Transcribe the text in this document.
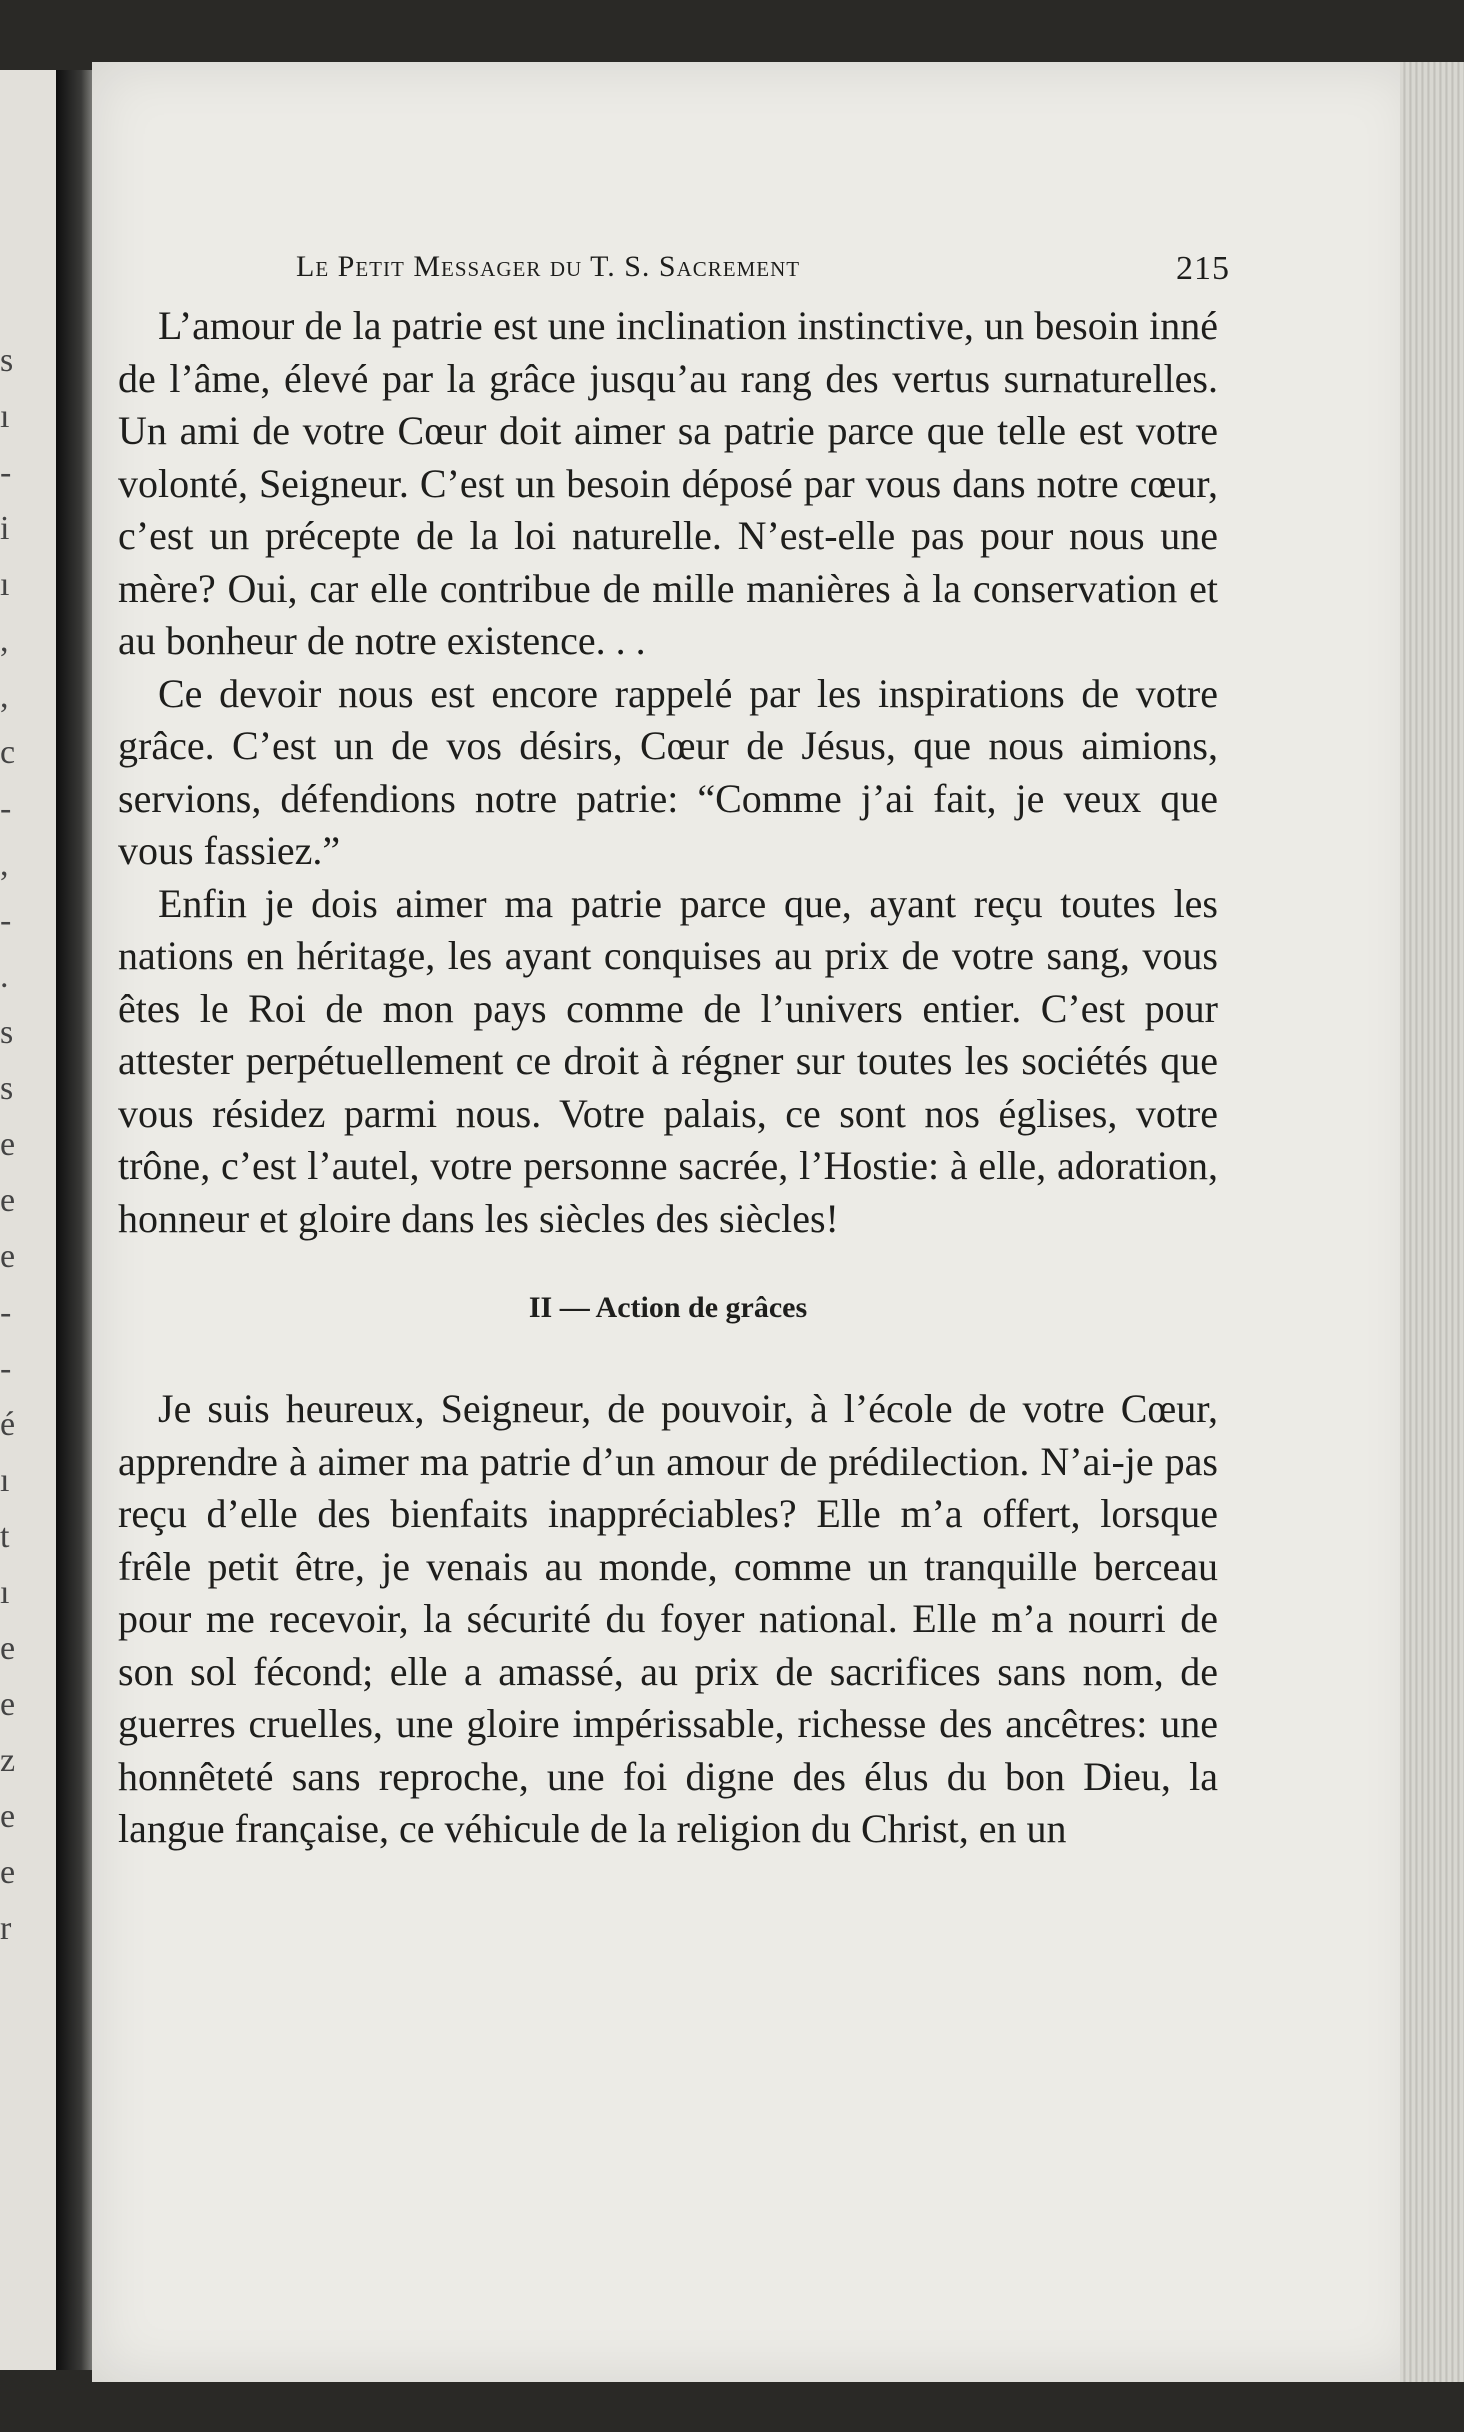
s
ı
-
i
ı
,
,
c
-
,
-
.
s
s
e
e
e
-
-
é
ı
t
ı
e
e
z
e
e
r
Le Petit Messager du T. S. Sacrement	215

L’amour de la patrie est une inclination instinctive, un besoin inné de l’âme, élevé par la grâce jusqu’au rang des vertus surnaturelles. Un ami de votre Cœur doit aimer sa patrie parce que telle est votre volonté, Seigneur. C’est un besoin déposé par vous dans notre cœur, c’est un précepte de la loi naturelle. N’est-elle pas pour nous une mère? Oui, car elle contribue de mille manières à la conservation et au bonheur de notre existence. . .

Ce devoir nous est encore rappelé par les inspirations de votre grâce. C’est un de vos désirs, Cœur de Jésus, que nous aimions, servions, défendions notre patrie: “Comme j’ai fait, je veux que vous fassiez.”

Enfin je dois aimer ma patrie parce que, ayant reçu toutes les nations en héritage, les ayant conquises au prix de votre sang, vous êtes le Roi de mon pays comme de l’univers entier. C’est pour attester perpétuellement ce droit à régner sur toutes les sociétés que vous résidez parmi nous. Votre palais, ce sont nos églises, votre trône, c’est l’autel, votre personne sacrée, l’Hostie: à elle, adoration, honneur et gloire dans les siècles des siècles!

II — Action de grâces

Je suis heureux, Seigneur, de pouvoir, à l’école de votre Cœur, apprendre à aimer ma patrie d’un amour de prédilection. N’ai-je pas reçu d’elle des bienfaits inappréciables? Elle m’a offert, lorsque frêle petit être, je venais au monde, comme un tranquille berceau pour me recevoir, la sécurité du foyer national. Elle m’a nourri de son sol fécond; elle a amassé, au prix de sacrifices sans nom, de guerres cruelles, une gloire impérissable, richesse des ancêtres: une honnêteté sans reproche, une foi digne des élus du bon Dieu, la langue française, ce véhicule de la religion du Christ, en un
